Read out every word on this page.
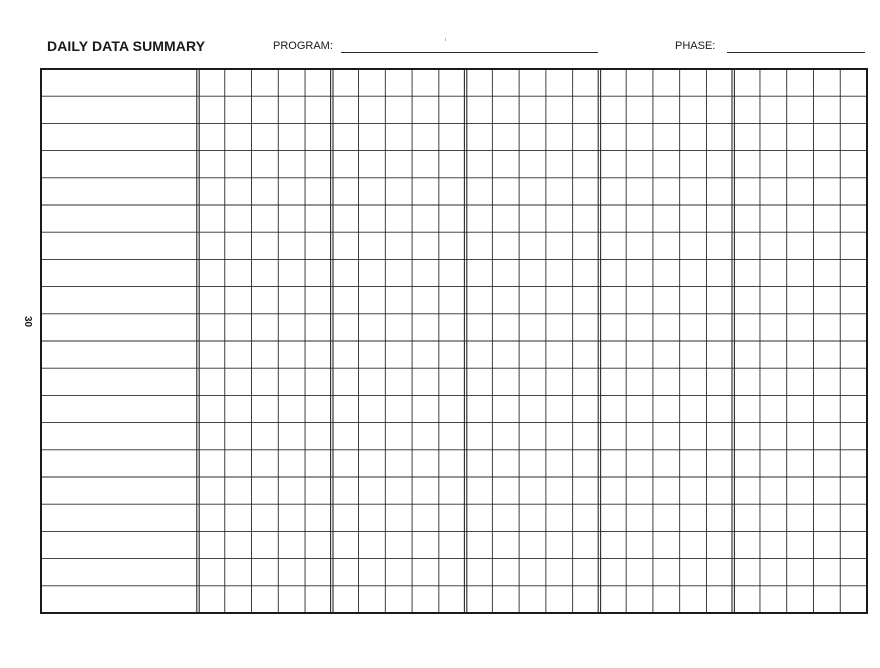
DAILY DATA SUMMARY	PROGRAM:	PHASE:
30
